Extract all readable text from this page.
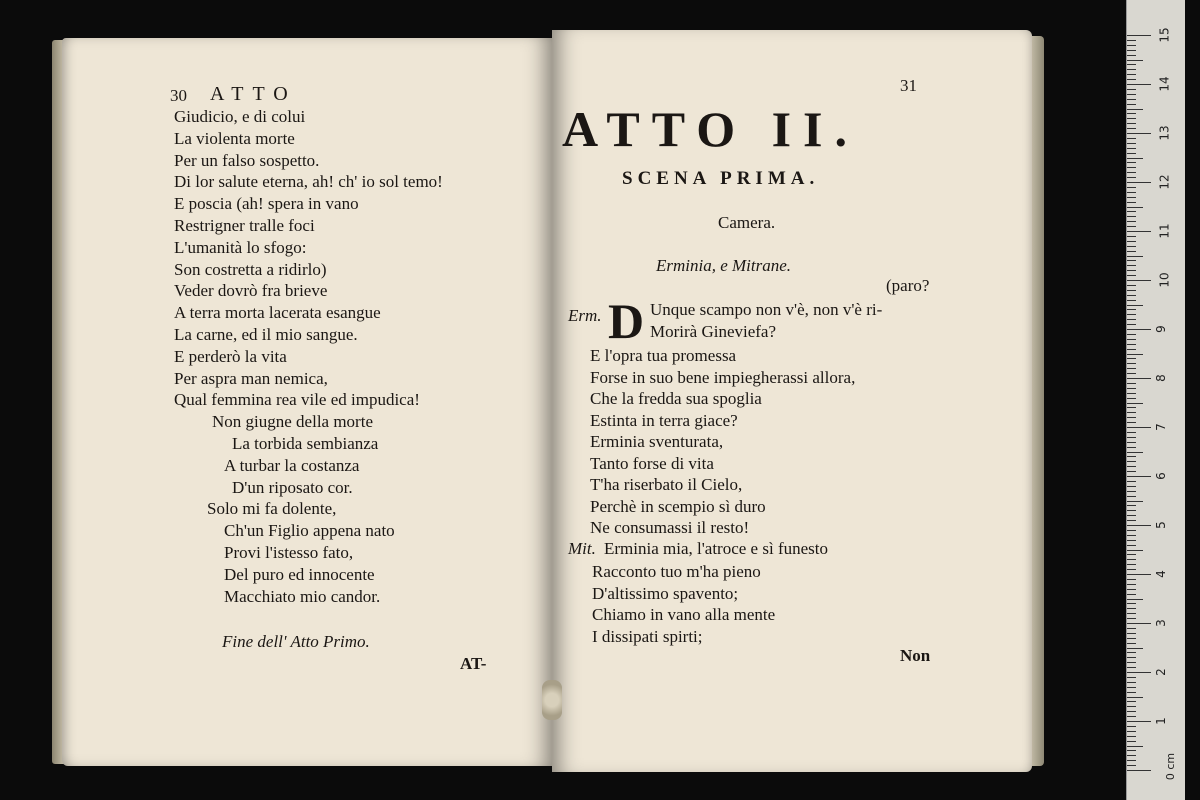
30 ATTO
Giudicio, e di colui
La violenta morte
Per un falso sospetto.
Di lor salute eterna, ah! ch' io sol temo!
E poscia (ah! spera in vano
Restrigner tralle foci
L'umanità lo sfogo:
Son costretta a ridirlo)
Veder dovrò fra brieve
A terra morta lacerata esangue
La carne, ed il mio sangue.
E perderò la vita
Per aspra man nemica,
Qual femmina rea vile ed impudica!
Non giugne della morte
La torbida sembianza
A turbar la costanza
D'un riposato cor.
Solo mi fa dolente,
Ch'un Figlio appena nato
Provi l'istesso fato,
Del puro ed innocente
Macchiato mio candor.
Fine dell' Atto Primo.
AT-
31
ATTO II.
SCENA PRIMA.
Camera.
Erminia, e Mitrane.
(paro?
Erm. D Unque scampo non v'è, non v'è ri-
Morirà Gineviefa?
E l'opra tua promessa
Forse in suo bene impiegherassi allora,
Che la fredda sua spoglia
Estinta in terra giace?
Erminia sventurata,
Tanto forse di vita
T'ha riserbato il Cielo,
Perchè in scempio sì duro
Ne consumassi il resto!
Mit. Erminia mia, l'atroce e sì funesto
Racconto tuo m'ha pieno
D'altissimo spavento;
Chiamo in vano alla mente
I dissipati spirti;
Non
1
2
3
4
5
6
7
8
9
10
11
12
13
14
15
0 cm
